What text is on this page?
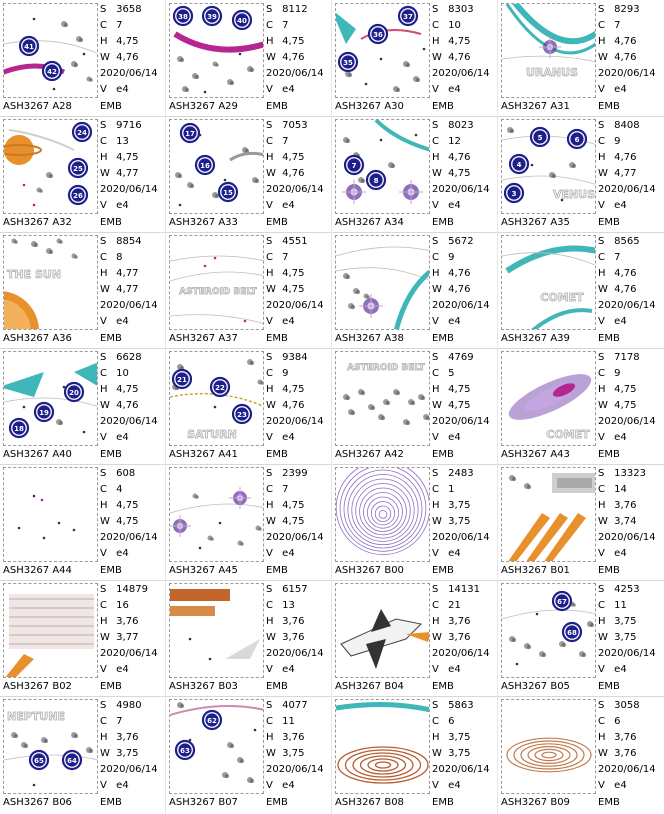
41
42
S 3658
C 7
H 4,75
W 4,76
2020/06/14
V e4
ASH3267 A28	EMB
38	39	40
S 8112
C 7
H 4,75
W 4,76
2020/06/14
V e4
ASH3267 A29	EMB
37
36
35
S 8303
C 10
H 4,75
W 4,76
2020/06/14
V e4
ASH3267 A30	EMB
URANUS
S 8293
C 7
H 4,76
W 4,76
2020/06/14
V e4
ASH3267 A31	EMB
24
25
26
S 9716
C 13
H 4,75
W 4,77
2020/06/14
V e4
ASH3267 A32	EMB
17
16
15
S 7053
C 7
H 4,75
W 4,76
2020/06/14
V e4
ASH3267 A33	EMB
7
8
S 8023
C 12
H 4,76
W 4,75
2020/06/14
V e4
ASH3267 A34	EMB
VENUS
5	6
4
3
S 8408
C 9
H 4,76
W 4,77
2020/06/14
V e4
ASH3267 A35	EMB
THE SUN
S 8854
C 8
H 4,77
W 4,77
2020/06/14
V e4
ASH3267 A36	EMB
ASTEROID BELT
S 4551
C 7
H 4,75
W 4,75
2020/06/14
V e4
ASH3267 A37	EMB
S 5672
C 9
H 4,76
W 4,76
2020/06/14
V e4
ASH3267 A38	EMB
COMET
S 8565
C 7
H 4,76
W 4,76
2020/06/14
V e4
ASH3267 A39	EMB
20
19
18
S 6628
C 10
H 4,75
W 4,76
2020/06/14
V e4
ASH3267 A40	EMB
SATURN
21
22
23
S 9384
C 9
H 4,75
W 4,76
2020/06/14
V e4
ASH3267 A41	EMB
ASTEROID BELT
S 4769
C 5
H 4,75
W 4,75
2020/06/14
V e4
ASH3267 A42	EMB
COMET
S 7178
C 9
H 4,75
W 4,75
2020/06/14
V e4
ASH3267 A43	EMB
S 608
C 4
H 4,75
W 4,75
2020/06/14
V e4
ASH3267 A44	EMB
S 2399
C 7
H 4,75
W 4,75
2020/06/14
V e4
ASH3267 A45	EMB
S 2483
C 1
H 3,75
W 3,75
2020/06/14
V e4
ASH3267 B00	EMB
S 13323
C 14
H 3,76
W 3,74
2020/06/14
V e4
ASH3267 B01	EMB
S 14879
C 16
H 3,76
W 3,77
2020/06/14
V e4
ASH3267 B02	EMB
S 6157
C 13
H 3,76
W 3,76
2020/06/14
V e4
ASH3267 B03	EMB
S 14131
C 21
H 3,76
W 3,76
2020/06/14
V e4
ASH3267 B04	EMB
67
68
S 4253
C 11
H 3,75
W 3,75
2020/06/14
V e4
ASH3267 B05	EMB
NEPTUNE
65	64
S 4980
C 7
H 3,76
W 3,75
2020/06/14
V e4
ASH3267 B06	EMB
62
63
S 4077
C 11
H 3,76
W 3,75
2020/06/14
V e4
ASH3267 B07	EMB
S 5863
C 6
H 3,75
W 3,75
2020/06/14
V e4
ASH3267 B08	EMB
S 3058
C 6
H 3,76
W 3,76
2020/06/14
V e4
ASH3267 B09	EMB
